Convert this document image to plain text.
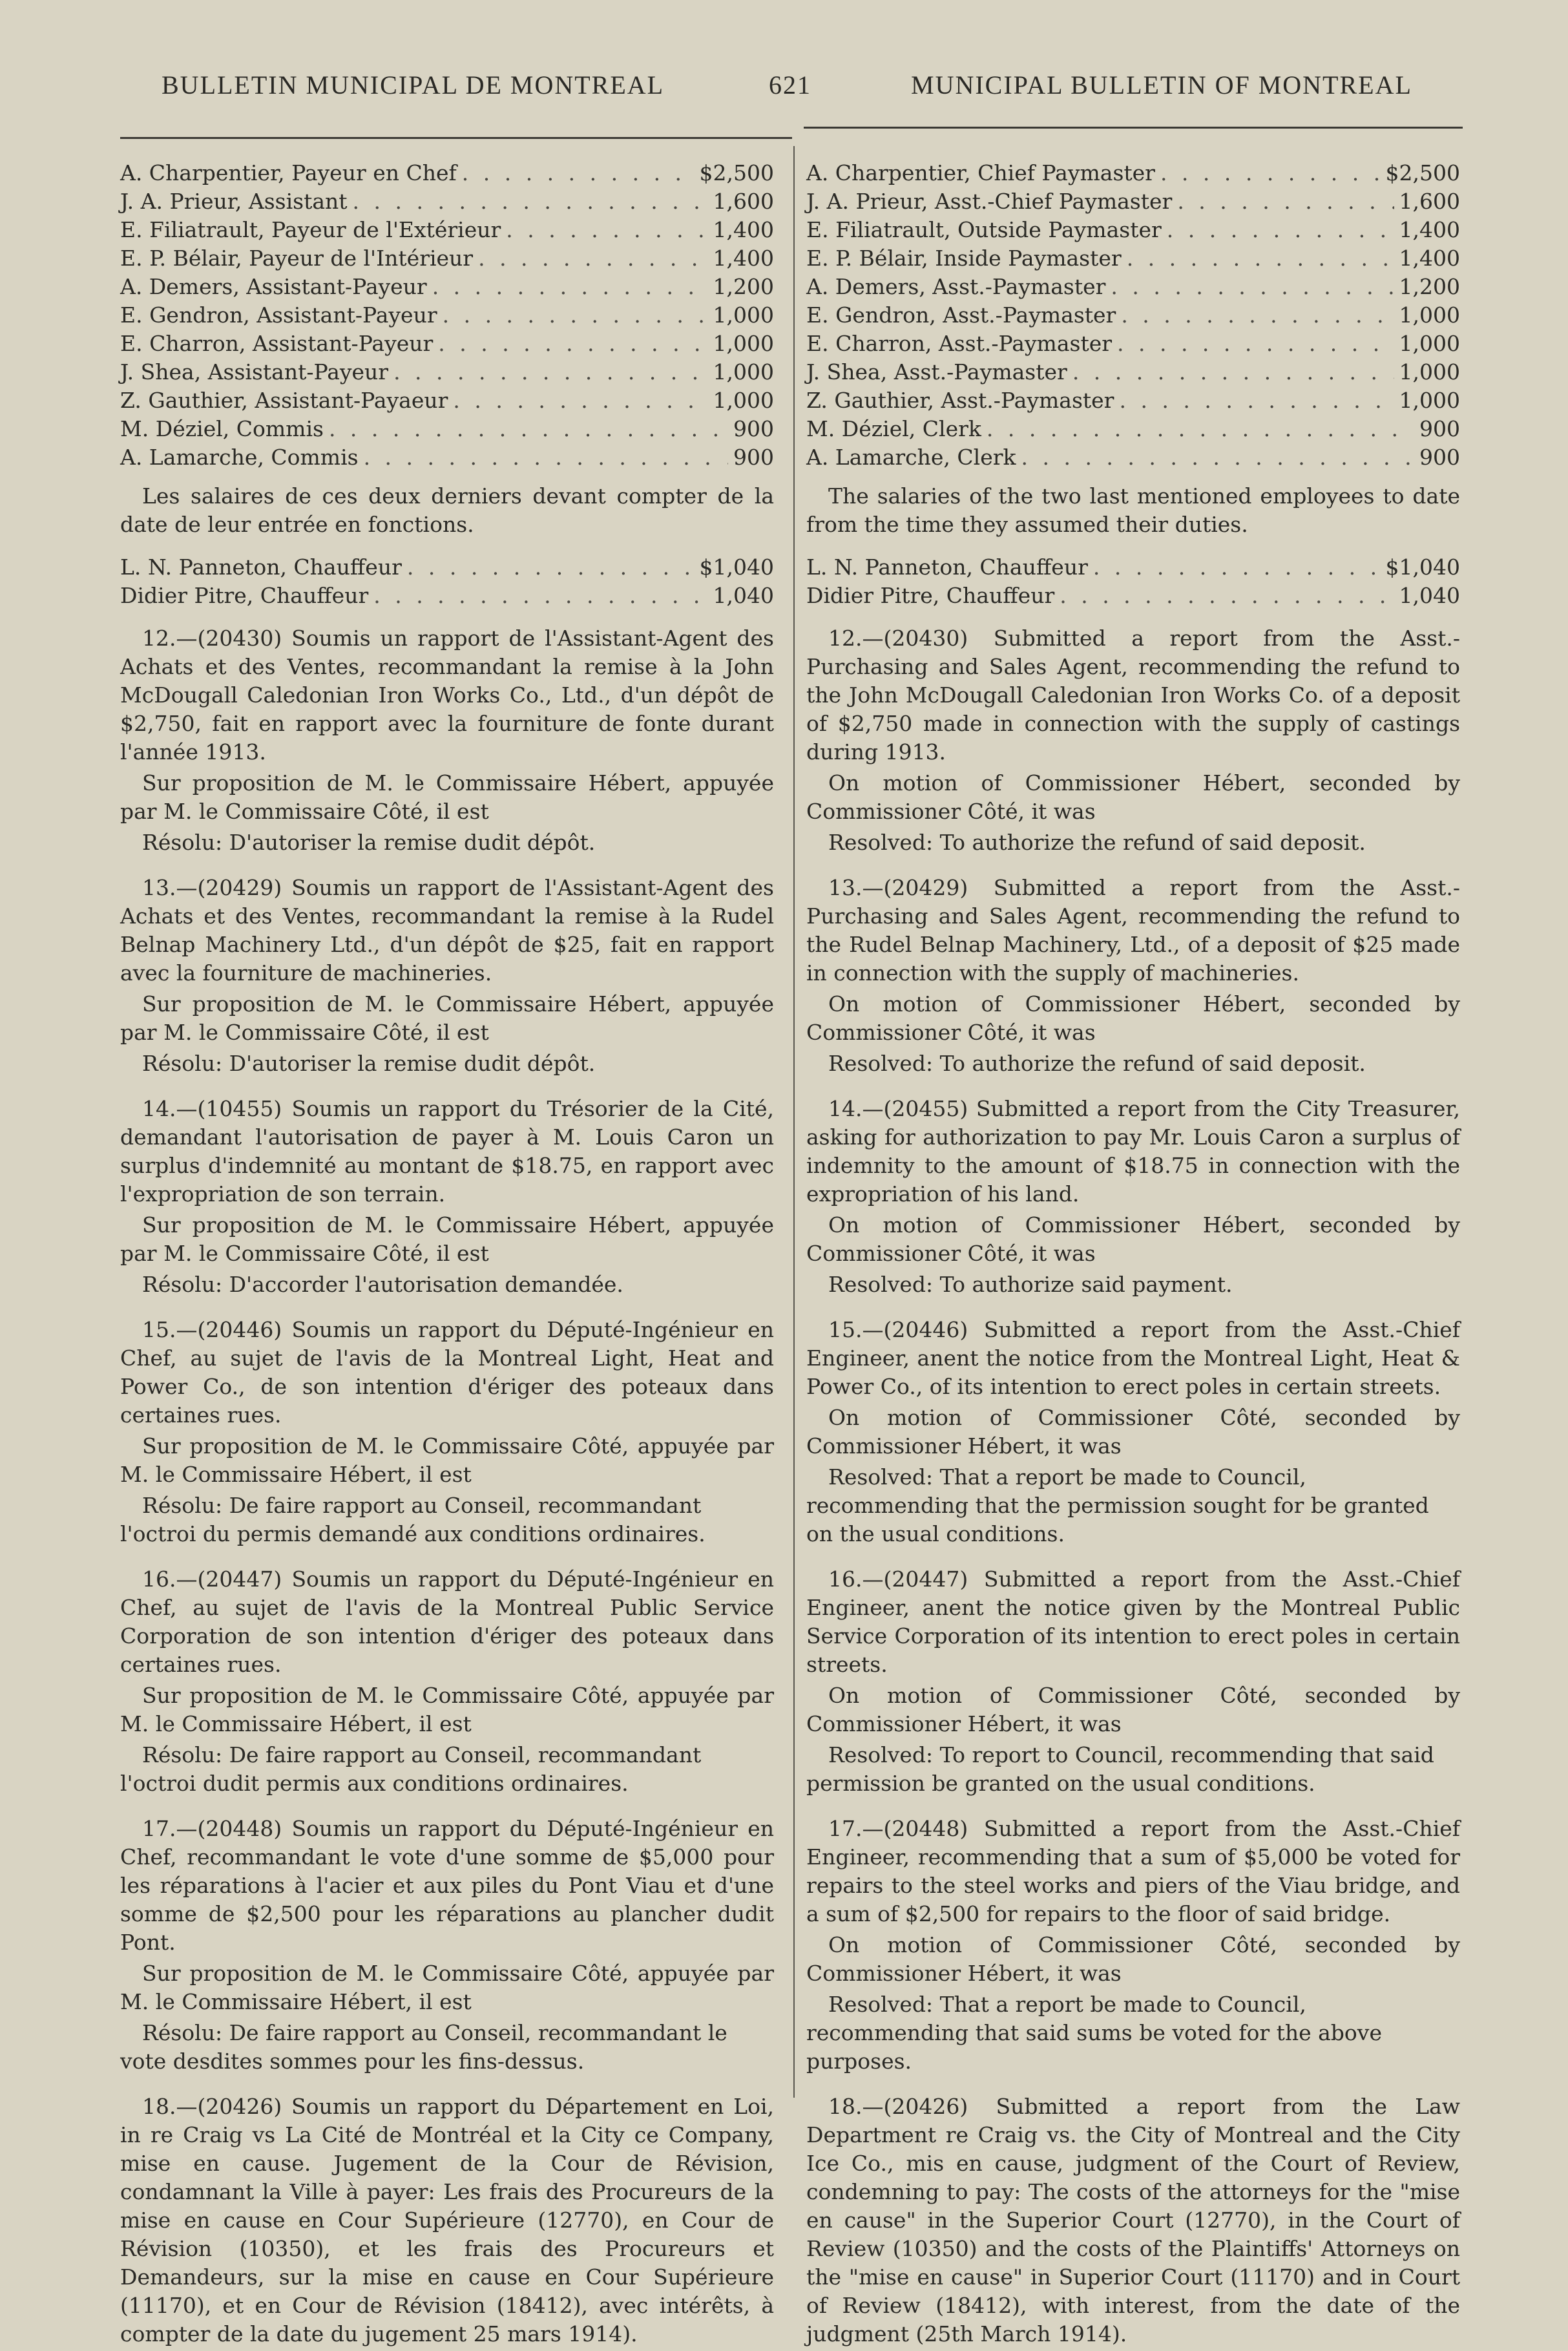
BULLETIN MUNICIPAL DE MONTREAL	621	MUNICIPAL BULLETIN OF MONTREAL
A. Charpentier, Payeur en Chef . . .	$2,500
J. A. Prieur, Assistant . . .	1,600
E. Filiatrault, Payeur de l'Extérieur . . .	1,400
E. P. Bélair, Payeur de l'Intérieur . . .	1,400
A. Demers, Assistant-Payeur . . .	1,200
E. Gendron, Assistant-Payeur . . .	1,000
E. Charron, Assistant-Payeur . . .	1,000
J. Shea, Assistant-Payeur . . .	1,000
Z. Gauthier, Assistant-Payaeur . . .	1,000
M. Déziel, Commis . . .	900
A. Lamarche, Commis . . .	900

Les salaires de ces deux derniers devant compter de la date de leur entrée en fonctions.

L. N. Panneton, Chauffeur . . .	$1,040
Didier Pitre, Chauffeur . . .	1,040

12.—(20430) Soumis un rapport de l'Assistant-Agent des Achats et des Ventes, recommandant la remise à la John McDougall Caledonian Iron Works Co., Ltd., d'un dépôt de $2,750, fait en rapport avec la fourniture de fonte durant l'année 1913.

Sur proposition de M. le Commissaire Hébert, appuyée par M. le Commissaire Côté, il est

Résolu: D'autoriser la remise dudit dépôt.

13.—(20429) Soumis un rapport de l'Assistant-Agent des Achats et des Ventes, recommandant la remise à la Rudel Belnap Machinery Ltd., d'un dépôt de $25, fait en rapport avec la fourniture de machineries.

Sur proposition de M. le Commissaire Hébert, appuyée par M. le Commissaire Côté, il est

Résolu: D'autoriser la remise dudit dépôt.

14.—(10455) Soumis un rapport du Trésorier de la Cité, demandant l'autorisation de payer à M. Louis Caron un surplus d'indemnité au montant de $18.75, en rapport avec l'expropriation de son terrain.

Sur proposition de M. le Commissaire Hébert, appuyée par M. le Commissaire Côté, il est

Résolu: D'accorder l'autorisation demandée.

15.—(20446) Soumis un rapport du Député-Ingénieur en Chef, au sujet de l'avis de la Montreal Light, Heat and Power Co., de son intention d'ériger des poteaux dans certaines rues.

Sur proposition de M. le Commissaire Côté, appuyée par M. le Commissaire Hébert, il est

Résolu: De faire rapport au Conseil, recommandant l'octroi du permis demandé aux conditions ordinaires.

16.—(20447) Soumis un rapport du Député-Ingénieur en Chef, au sujet de l'avis de la Montreal Public Service Corporation de son intention d'ériger des poteaux dans certaines rues.

Sur proposition de M. le Commissaire Côté, appuyée par M. le Commissaire Hébert, il est

Résolu: De faire rapport au Conseil, recommandant l'octroi dudit permis aux conditions ordinaires.

17.—(20448) Soumis un rapport du Député-Ingénieur en Chef, recommandant le vote d'une somme de $5,000 pour les réparations à l'acier et aux piles du Pont Viau et d'une somme de $2,500 pour les réparations au plancher dudit Pont.

Sur proposition de M. le Commissaire Côté, appuyée par M. le Commissaire Hébert, il est

Résolu: De faire rapport au Conseil, recommandant le vote desdites sommes pour les fins-dessus.

18.—(20426) Soumis un rapport du Département en Loi, in re Craig vs La Cité de Montréal et la City ce Company, mise en cause. Jugement de la Cour de Révision, condamnant la Ville à payer: Les frais des Procureurs de la mise en cause en Cour Supérieure (12770), en Cour de Révision (10350), et les frais des Procureurs et Demandeurs, sur la mise en cause en Cour Supérieure (11170), et en Cour de Révision (18412), avec intérêts, à compter de la date du jugement 25 mars 1914).

A. Charpentier, Chief Paymaster . . .	$2,500
J. A. Prieur, Asst.-Chief Paymaster . . .	1,600
E. Filiatrault, Outside Paymaster . . .	1,400
E. P. Bélair, Inside Paymaster . . .	1,400
A. Demers, Asst.-Paymaster . . .	1,200
E. Gendron, Asst.-Paymaster . . .	1,000
E. Charron, Asst.-Paymaster . . .	1,000
J. Shea, Asst.-Paymaster . . .	1,000
Z. Gauthier, Asst.-Paymaster . . .	1,000
M. Déziel, Clerk . . .	900
A. Lamarche, Clerk . . .	900

The salaries of the two last mentioned employees to date from the time they assumed their duties.

L. N. Panneton, Chauffeur . . .	$1,040
Didier Pitre, Chauffeur . . .	1,040

12.—(20430) Submitted a report from the Asst.-Purchasing and Sales Agent, recommending the refund to the John McDougall Caledonian Iron Works Co. of a deposit of $2,750 made in connection with the supply of castings during 1913.

On motion of Commissioner Hébert, seconded by Commissioner Côté, it was

Resolved: To authorize the refund of said deposit.

13.—(20429) Submitted a report from the Asst.-Purchasing and Sales Agent, recommending the refund to the Rudel Belnap Machinery, Ltd., of a deposit of $25 made in connection with the supply of machineries.

On motion of Commissioner Hébert, seconded by Commissioner Côté, it was

Resolved: To authorize the refund of said deposit.

14.—(20455) Submitted a report from the City Treasurer, asking for authorization to pay Mr. Louis Caron a surplus of indemnity to the amount of $18.75 in connection with the expropriation of his land.

On motion of Commissioner Hébert, seconded by Commissioner Côté, it was

Resolved: To authorize said payment.

15.—(20446) Submitted a report from the Asst.-Chief Engineer, anent the notice from the Montreal Light, Heat & Power Co., of its intention to erect poles in certain streets.

On motion of Commissioner Côté, seconded by Commissioner Hébert, it was

Resolved: That a report be made to Council, recommending that the permission sought for be granted on the usual conditions.

16.—(20447) Submitted a report from the Asst.-Chief Engineer, anent the notice given by the Montreal Public Service Corporation of its intention to erect poles in certain streets.

On motion of Commissioner Côté, seconded by Commissioner Hébert, it was

Resolved: To report to Council, recommending that said permission be granted on the usual conditions.

17.—(20448) Submitted a report from the Asst.-Chief Engineer, recommending that a sum of $5,000 be voted for repairs to the steel works and piers of the Viau bridge, and a sum of $2,500 for repairs to the floor of said bridge.

On motion of Commissioner Côté, seconded by Commissioner Hébert, it was

Resolved: That a report be made to Council, recommending that said sums be voted for the above purposes.

18.—(20426) Submitted a report from the Law Department re Craig vs. the City of Montreal and the City Ice Co., mis en cause, judgment of the Court of Review, condemning to pay: The costs of the attorneys for the "mise en cause" in the Superior Court (12770), in the Court of Review (10350) and the costs of the Plaintiffs' Attorneys on the "mise en cause" in Superior Court (11170) and in Court of Review (18412), with interest, from the date of the judgment (25th March 1914).
